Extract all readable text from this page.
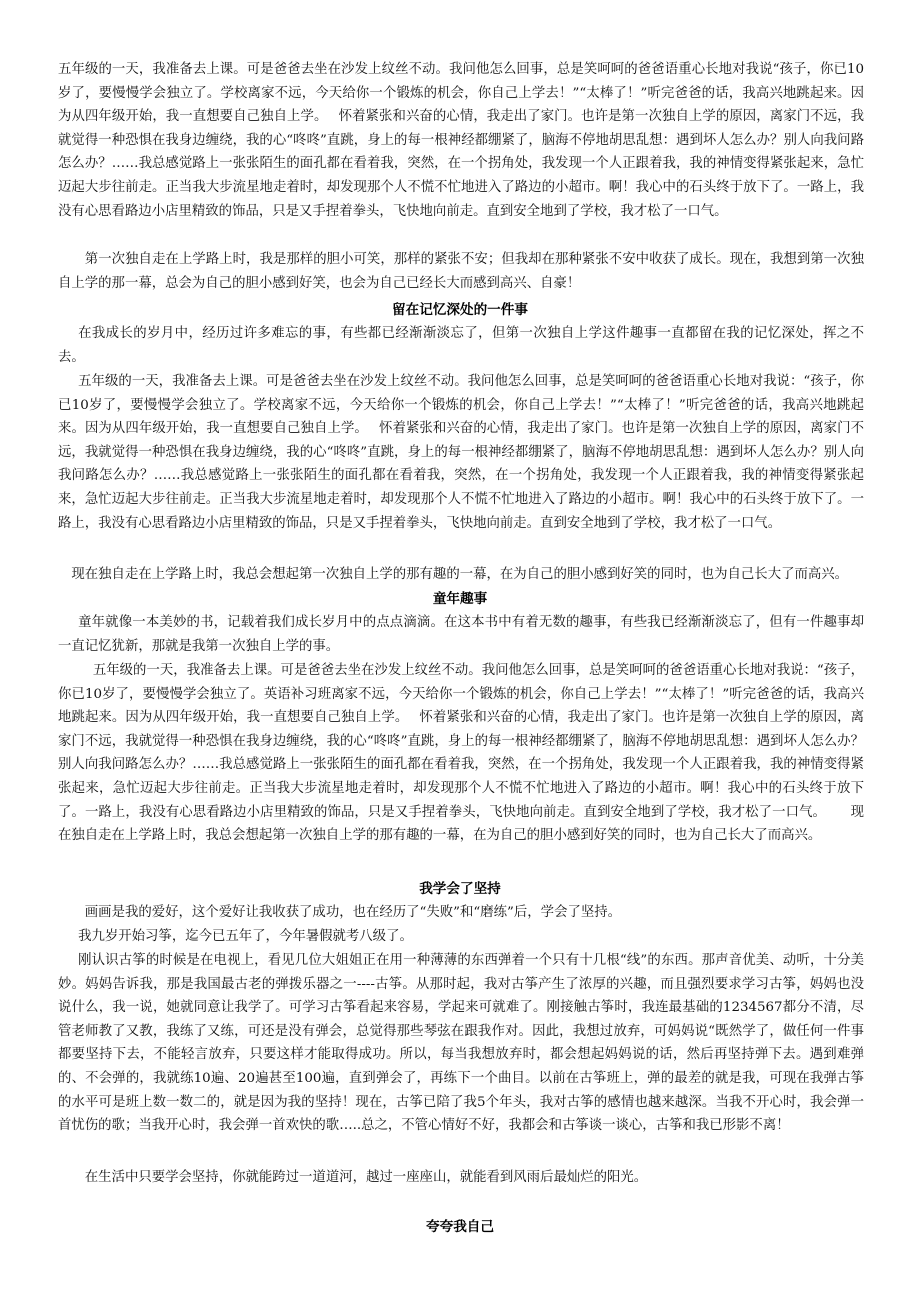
五年级的一天，我准备去上课。可是爸爸去坐在沙发上纹丝不动。我问他怎么回事，总是笑呵呵的爸爸语重心长地对我说“孩子，你已10岁了，要慢慢学会独立了。学校离家不远，今天给你一个锻炼的机会，你自己上学去！”“太棒了！”听完爸爸的话，我高兴地跳起来。因为从四年级开始，我一直想要自己独自上学。　 怀着紧张和兴奋的心情，我走出了家门。也许是第一次独自上学的原因，离家门不远，我就觉得一种恐惧在我身边缠绕，我的心“咚咚”直跳，身上的每一根神经都绷紧了，脑海不停地胡思乱想：遇到坏人怎么办？别人向我问路怎么办？……我总感觉路上一张张陌生的面孔都在看着我，突然，在一个拐角处，我发现一个人正跟着我，我的神情变得紧张起来，急忙迈起大步往前走。正当我大步流星地走着时，却发现那个人不慌不忙地进入了路边的小超市。啊！我心中的石头终于放下了。一路上，我没有心思看路边小店里精致的饰品，只是又手捏着拳头，飞快地向前走。直到安全地到了学校，我才松了一口气。

第一次独自走在上学路上时，我是那样的胆小可笑，那样的紧张不安；但我却在那种紧张不安中收获了成长。现在，我想到第一次独自上学的那一幕，总会为自己的胆小感到好笑，也会为自己已经长大而感到高兴、自豪！

留在记忆深处的一件事

在我成长的岁月中，经历过许多难忘的事，有些都已经渐渐淡忘了，但第一次独自上学这件趣事一直都留在我的记忆深处，挥之不去。

五年级的一天，我准备去上课。可是爸爸去坐在沙发上纹丝不动。我问他怎么回事，总是笑呵呵的爸爸语重心长地对我说：“孩子，你已10岁了，要慢慢学会独立了。学校离家不远，今天给你一个锻炼的机会，你自己上学去！”“太棒了！”听完爸爸的话，我高兴地跳起来。因为从四年级开始，我一直想要自己独自上学。　 怀着紧张和兴奋的心情，我走出了家门。也许是第一次独自上学的原因，离家门不远，我就觉得一种恐惧在我身边缠绕，我的心“咚咚”直跳，身上的每一根神经都绷紧了，脑海不停地胡思乱想：遇到坏人怎么办？别人向我问路怎么办？……我总感觉路上一张张陌生的面孔都在看着我，突然，在一个拐角处，我发现一个人正跟着我，我的神情变得紧张起来，急忙迈起大步往前走。正当我大步流星地走着时，却发现那个人不慌不忙地进入了路边的小超市。啊！我心中的石头终于放下了。一路上，我没有心思看路边小店里精致的饰品，只是又手捏着拳头，飞快地向前走。直到安全地到了学校，我才松了一口气。

现在独自走在上学路上时，我总会想起第一次独自上学的那有趣的一幕，在为自己的胆小感到好笑的同时，也为自己长大了而高兴。

童年趣事

童年就像一本美妙的书，记载着我们成长岁月中的点点滴滴。在这本书中有着无数的趣事，有些我已经渐渐淡忘了，但有一件趣事却一直记忆犹新，那就是我第一次独自上学的事。

五年级的一天，我准备去上课。可是爸爸去坐在沙发上纹丝不动。我问他怎么回事，总是笑呵呵的爸爸语重心长地对我说：“孩子，你已10岁了，要慢慢学会独立了。英语补习班离家不远，今天给你一个锻炼的机会，你自己上学去！”“太棒了！”听完爸爸的话，我高兴地跳起来。因为从四年级开始，我一直想要自己独自上学。　 怀着紧张和兴奋的心情，我走出了家门。也许是第一次独自上学的原因，离家门不远，我就觉得一种恐惧在我身边缠绕，我的心“咚咚”直跳，身上的每一根神经都绷紧了，脑海不停地胡思乱想：遇到坏人怎么办？别人向我问路怎么办？……我总感觉路上一张张陌生的面孔都在看着我，突然，在一个拐角处，我发现一个人正跟着我，我的神情变得紧张起来，急忙迈起大步往前走。正当我大步流星地走着时，却发现那个人不慌不忙地进入了路边的小超市。啊！我心中的石头终于放下了。一路上，我没有心思看路边小店里精致的饰品，只是又手捏着拳头，飞快地向前走。直到安全地到了学校，我才松了一口气。　　 现在独自走在上学路上时，我总会想起第一次独自上学的那有趣的一幕，在为自己的胆小感到好笑的同时，也为自己长大了而高兴。

我学会了坚持

画画是我的爱好，这个爱好让我收获了成功，也在经历了“失败”和“磨练”后，学会了坚持。

我九岁开始习筝，迄今已五年了，今年暑假就考八级了。

刚认识古筝的时候是在电视上，看见几位大姐姐正在用一种薄薄的东西弹着一个只有十几根“线”的东西。那声音优美、动听，十分美妙。妈妈告诉我，那是我国最古老的弹拨乐器之一----古筝。从那时起，我对古筝产生了浓厚的兴趣，而且强烈要求学习古筝，妈妈也没说什么，我一说，她就同意让我学了。可学习古筝看起来容易，学起来可就难了。刚接触古筝时，我连最基础的1234567都分不清，尽管老师教了又教，我练了又练，可还是没有弹会，总觉得那些琴弦在跟我作对。因此，我想过放弃，可妈妈说“既然学了，做任何一件事都要坚持下去，不能轻言放弃，只要这样才能取得成功。所以，每当我想放弃时，都会想起妈妈说的话，然后再坚持弹下去。遇到难弹的、不会弹的，我就练10遍、20遍甚至100遍，直到弹会了，再练下一个曲目。以前在古筝班上，弹的最差的就是我，可现在我弹古筝的水平可是班上数一数二的，就是因为我的坚持！现在，古筝已陪了我5个年头，我对古筝的感情也越来越深。当我不开心时，我会弹一首忧伤的歌；当我开心时，我会弹一首欢快的歌…..总之，不管心情好不好，我都会和古筝谈一谈心，古筝和我已形影不离！

在生活中只要学会坚持，你就能跨过一道道河，越过一座座山，就能看到风雨后最灿烂的阳光。

夸夸我自己
